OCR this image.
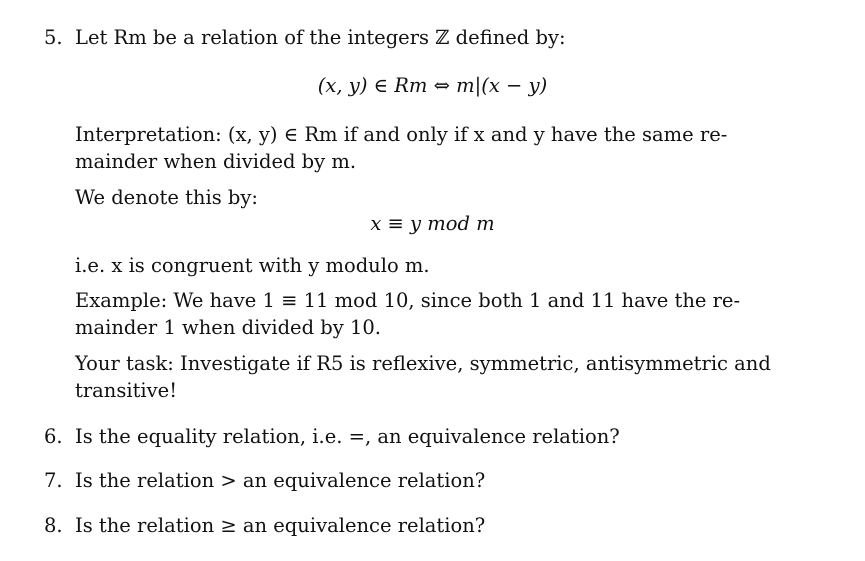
5. Let Rm be a relation of the integers ℤ defined by:
(x, y) ∈ Rm ⇔ m|(x − y)
Interpretation: (x, y) ∈ Rm if and only if x and y have the same re-
mainder when divided by m.
We denote this by:
x ≡ y mod m
i.e. x is congruent with y modulo m.
Example: We have 1 ≡ 11 mod 10, since both 1 and 11 have the re-
mainder 1 when divided by 10.
Your task: Investigate if R5 is reflexive, symmetric, antisymmetric and
transitive!
6. Is the equality relation, i.e. =, an equivalence relation?
7. Is the relation > an equivalence relation?
8. Is the relation ≥ an equivalence relation?
